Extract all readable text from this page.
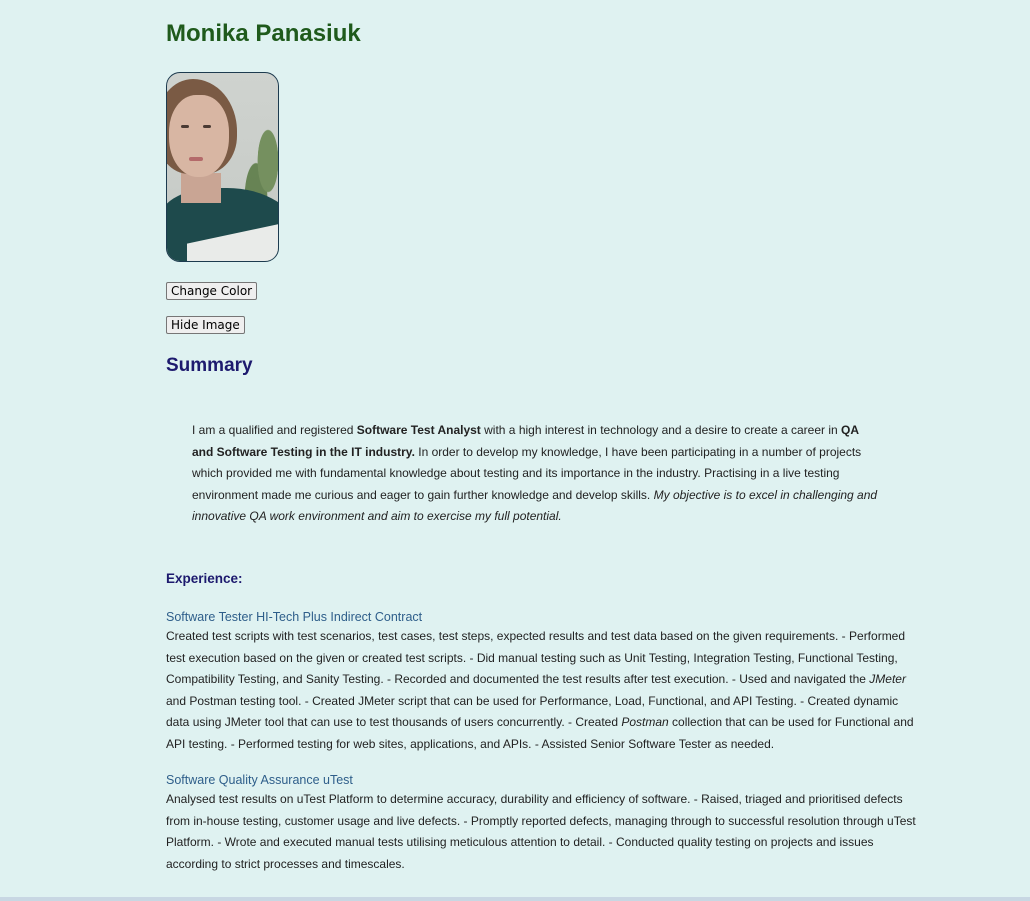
Monika Panasiuk
Change Color
Hide Image
Summary

I am a qualified and registered Software Test Analyst with a high interest in technology and a desire to create a career in QA and Software Testing in the IT industry. In order to develop my knowledge, I have been participating in a number of projects which provided me with fundamental knowledge about testing and its importance in the industry. Practising in a live testing environment made me curious and eager to gain further knowledge and develop skills. My objective is to excel in challenging and innovative QA work environment and aim to exercise my full potential.

Experience:

Software Tester HI-Tech Plus Indirect Contract

Created test scripts with test scenarios, test cases, test steps, expected results and test data based on the given requirements. - Performed test execution based on the given or created test scripts. - Did manual testing such as Unit Testing, Integration Testing, Functional Testing, Compatibility Testing, and Sanity Testing. - Recorded and documented the test results after test execution. - Used and navigated the JMeter and Postman testing tool. - Created JMeter script that can be used for Performance, Load, Functional, and API Testing. - Created dynamic data using JMeter tool that can use to test thousands of users concurrently. - Created Postman collection that can be used for Functional and API testing. - Performed testing for web sites, applications, and APIs. - Assisted Senior Software Tester as needed.

Software Quality Assurance uTest

Analysed test results on uTest Platform to determine accuracy, durability and efficiency of software. - Raised, triaged and prioritised defects from in-house testing, customer usage and live defects. - Promptly reported defects, managing through to successful resolution through uTest Platform. - Wrote and executed manual tests utilising meticulous attention to detail. - Conducted quality testing on projects and issues according to strict processes and timescales.
